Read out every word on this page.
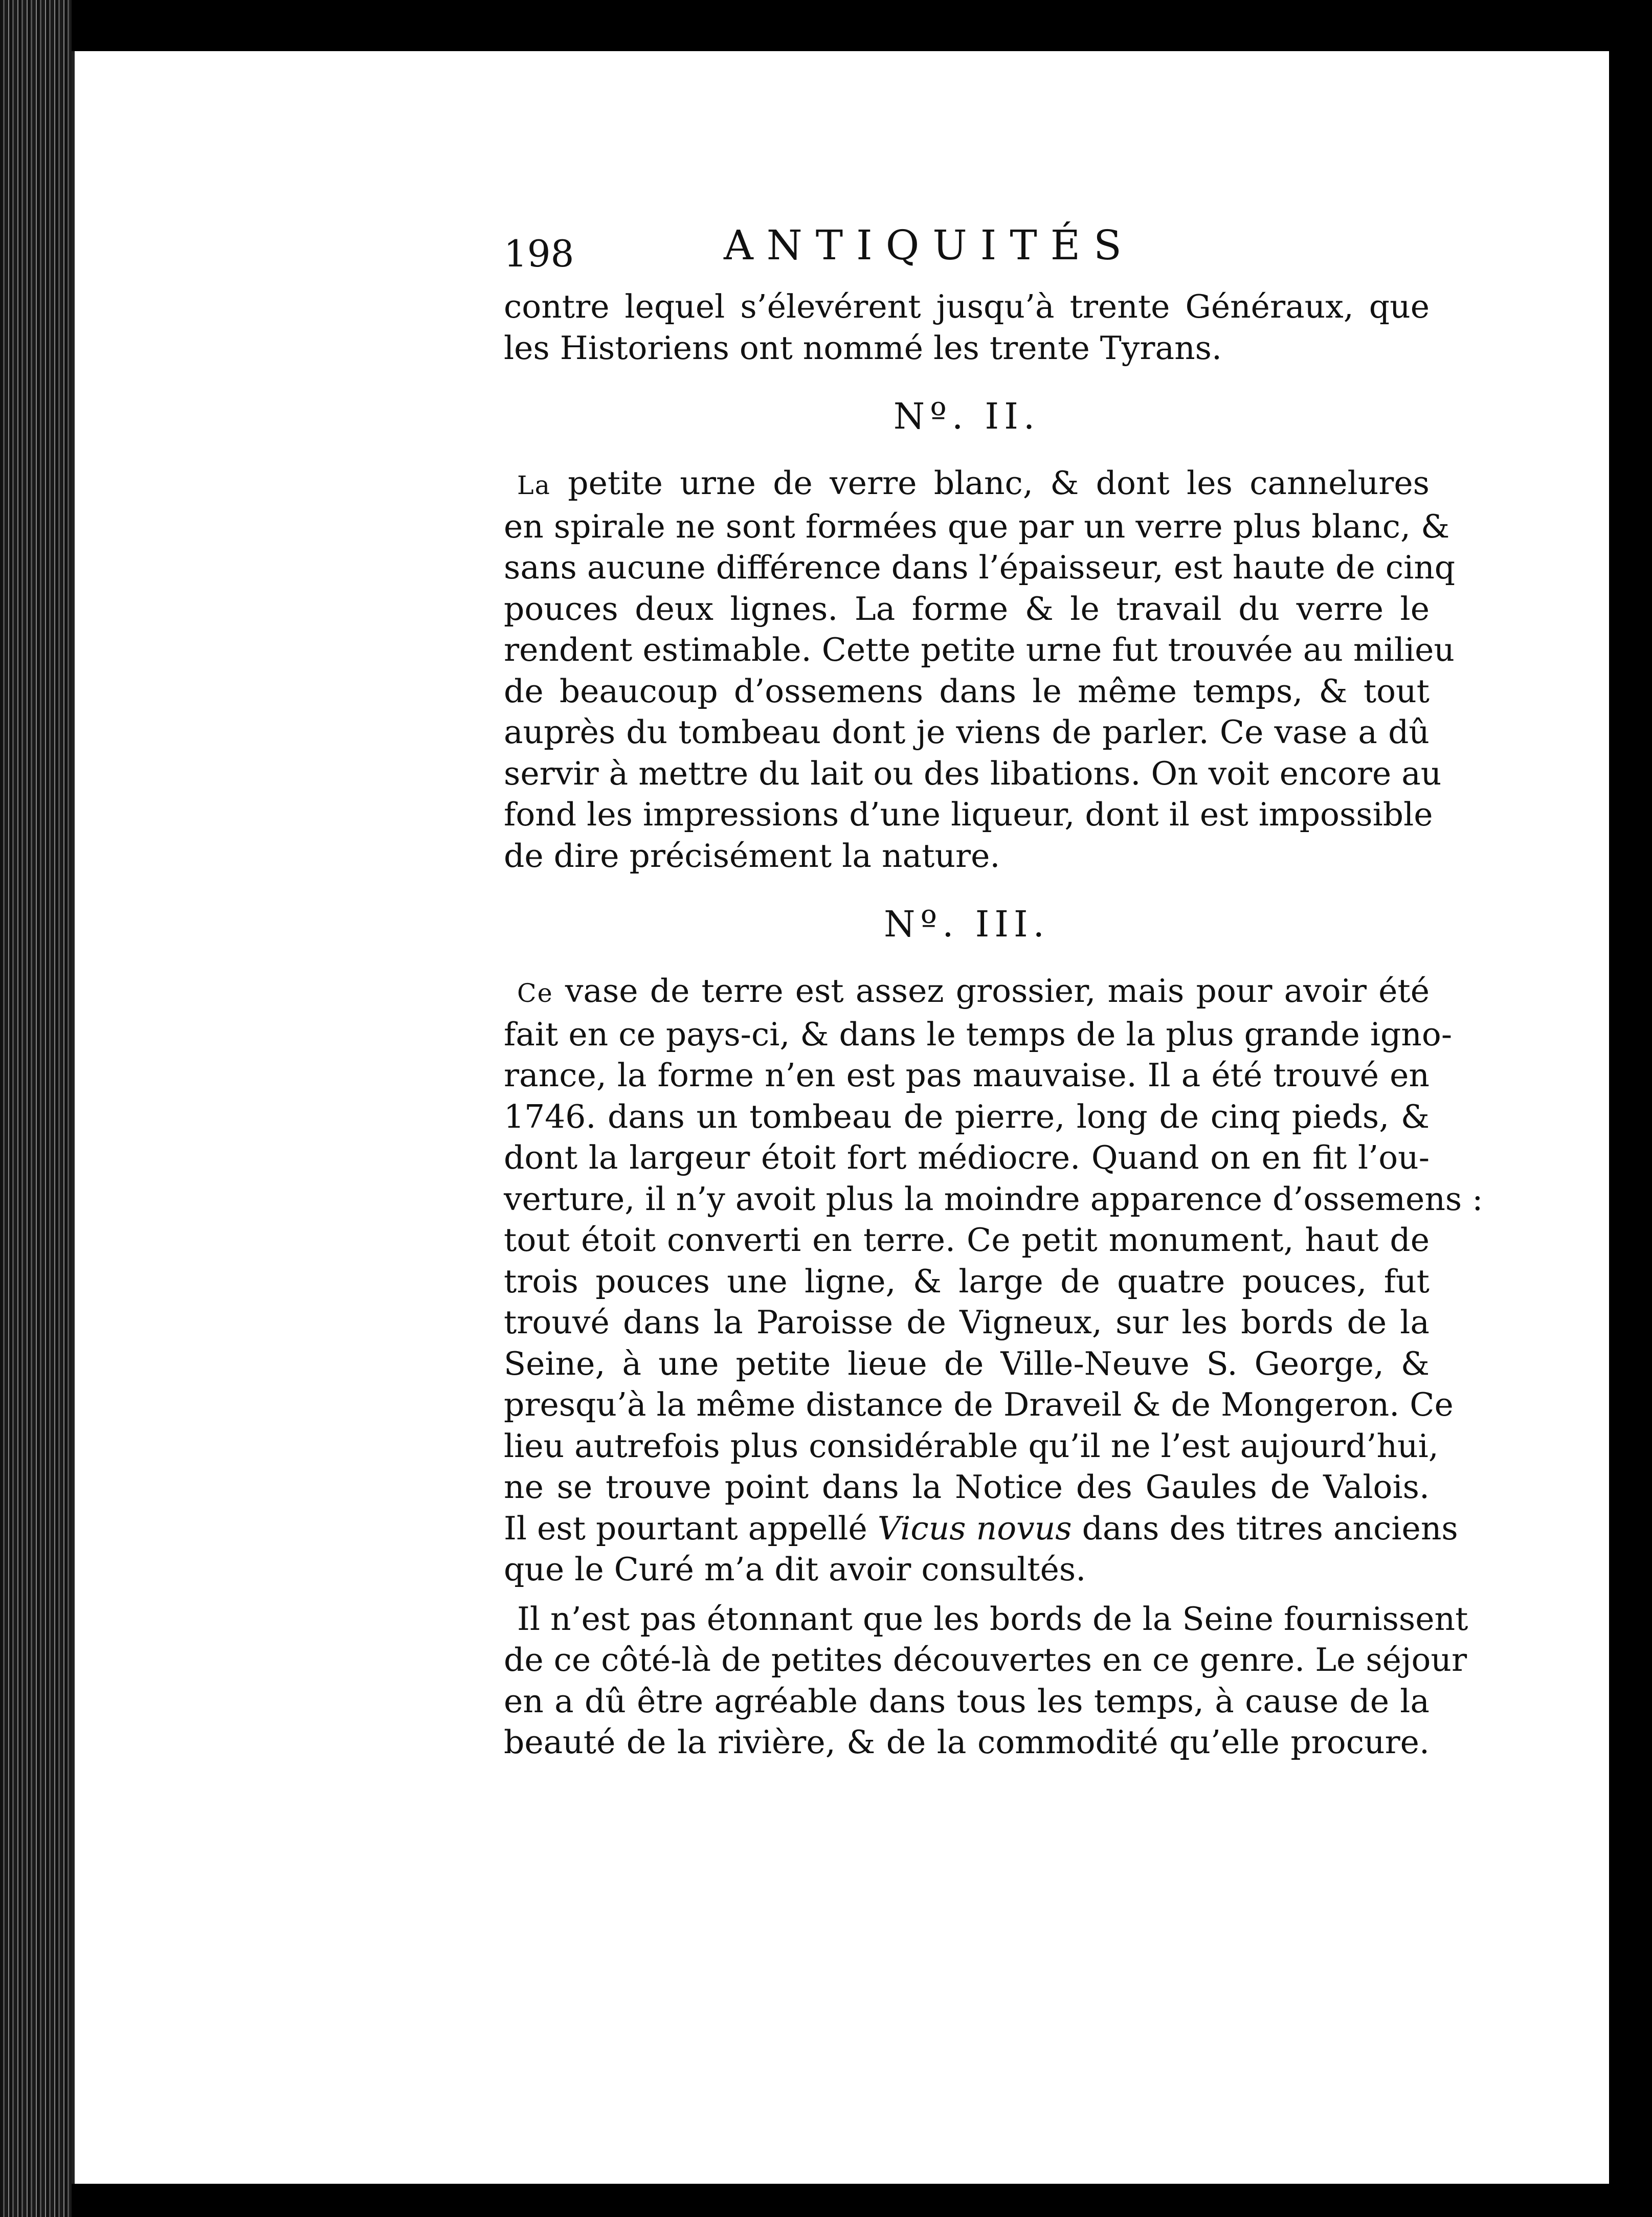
198	ANTIQUITÉS
contre lequel s’élevérent jusqu’à trente Généraux, que
les Historiens ont nommé les trente Tyrans.
Nº. II.
La petite urne de verre blanc, & dont les cannelures
en spirale ne sont formées que par un verre plus blanc, &
sans aucune différence dans l’épaisseur, est haute de cinq
pouces deux lignes. La forme & le travail du verre le
rendent estimable. Cette petite urne fut trouvée au milieu
de beaucoup d’ossemens dans le même temps, & tout
auprès du tombeau dont je viens de parler. Ce vase a dû
servir à mettre du lait ou des libations. On voit encore au
fond les impressions d’une liqueur, dont il est impossible
de dire précisément la nature.
Nº. III.
Ce vase de terre est assez grossier, mais pour avoir été
fait en ce pays-ci, & dans le temps de la plus grande igno-
rance, la forme n’en est pas mauvaise. Il a été trouvé en
1746. dans un tombeau de pierre, long de cinq pieds, &
dont la largeur étoit fort médiocre. Quand on en fit l’ou-
verture, il n’y avoit plus la moindre apparence d’ossemens :
tout étoit converti en terre. Ce petit monument, haut de
trois pouces une ligne, & large de quatre pouces, fut
trouvé dans la Paroisse de Vigneux, sur les bords de la
Seine, à une petite lieue de Ville-Neuve S. George, &
presqu’à la même distance de Draveil & de Mongeron. Ce
lieu autrefois plus considérable qu’il ne l’est aujourd’hui,
ne se trouve point dans la Notice des Gaules de Valois.
Il est pourtant appellé Vicus novus dans des titres anciens
que le Curé m’a dit avoir consultés.
Il n’est pas étonnant que les bords de la Seine fournissent
de ce côté-là de petites découvertes en ce genre. Le séjour
en a dû être agréable dans tous les temps, à cause de la
beauté de la rivière, & de la commodité qu’elle procure.
